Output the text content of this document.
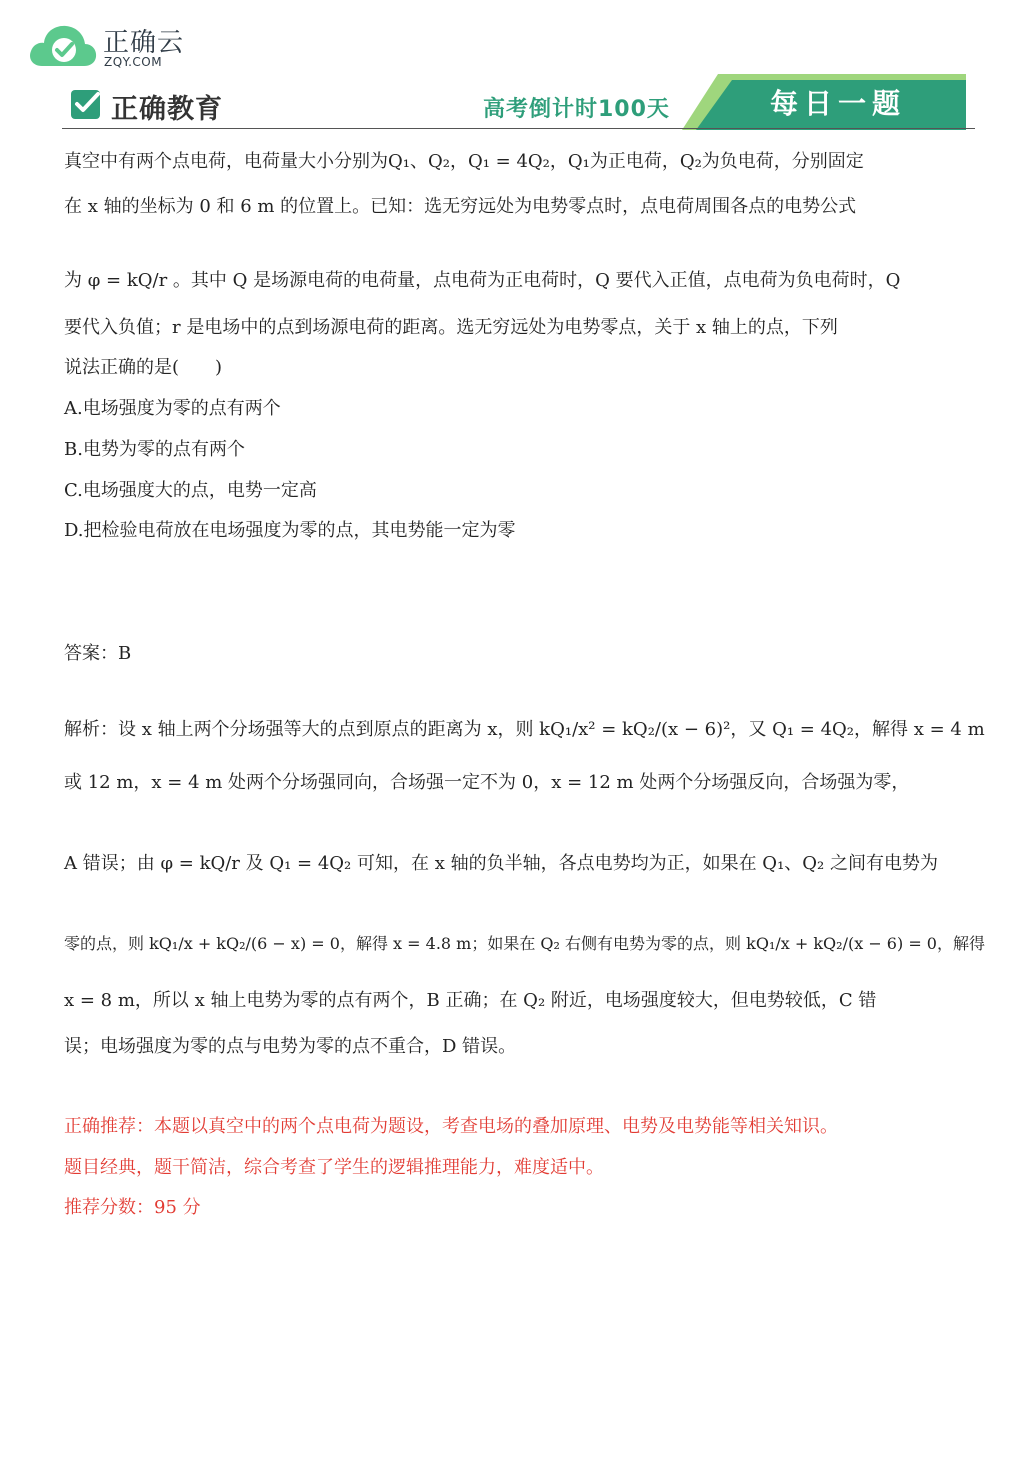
正确云
ZQY.COM
正确教育	高考倒计时100天	每日一题
真空中有两个点电荷，电荷量大小分别为Q₁、Q₂，Q₁ = 4Q₂，Q₁为正电荷，Q₂为负电荷，分别固定
在 x 轴的坐标为 0 和 6 m 的位置上。已知：选无穷远处为电势零点时，点电荷周围各点的电势公式
为 φ = kQ/r 。其中 Q 是场源电荷的电荷量，点电荷为正电荷时，Q 要代入正值，点电荷为负电荷时，Q
要代入负值；r 是电场中的点到场源电荷的距离。选无穷远处为电势零点，关于 x 轴上的点，下列
说法正确的是(　　)
A.电场强度为零的点有两个
B.电势为零的点有两个
C.电场强度大的点，电势一定高
D.把检验电荷放在电场强度为零的点，其电势能一定为零
答案：B
解析：设 x 轴上两个分场强等大的点到原点的距离为 x，则 kQ₁/x² = kQ₂/(x − 6)²，又 Q₁ = 4Q₂，解得 x = 4 m
或 12 m，x = 4 m 处两个分场强同向，合场强一定不为 0，x = 12 m 处两个分场强反向，合场强为零，
A 错误；由 φ = kQ/r 及 Q₁ = 4Q₂ 可知，在 x 轴的负半轴，各点电势均为正，如果在 Q₁、Q₂ 之间有电势为
零的点，则 kQ₁/x + kQ₂/(6 − x) = 0，解得 x = 4.8 m；如果在 Q₂ 右侧有电势为零的点，则 kQ₁/x + kQ₂/(x − 6) = 0，解得
x = 8 m，所以 x 轴上电势为零的点有两个，B 正确；在 Q₂ 附近，电场强度较大，但电势较低，C 错
误；电场强度为零的点与电势为零的点不重合，D 错误。
正确推荐：本题以真空中的两个点电荷为题设，考查电场的叠加原理、电势及电势能等相关知识。
题目经典，题干简洁，综合考查了学生的逻辑推理能力，难度适中。
推荐分数：95 分
